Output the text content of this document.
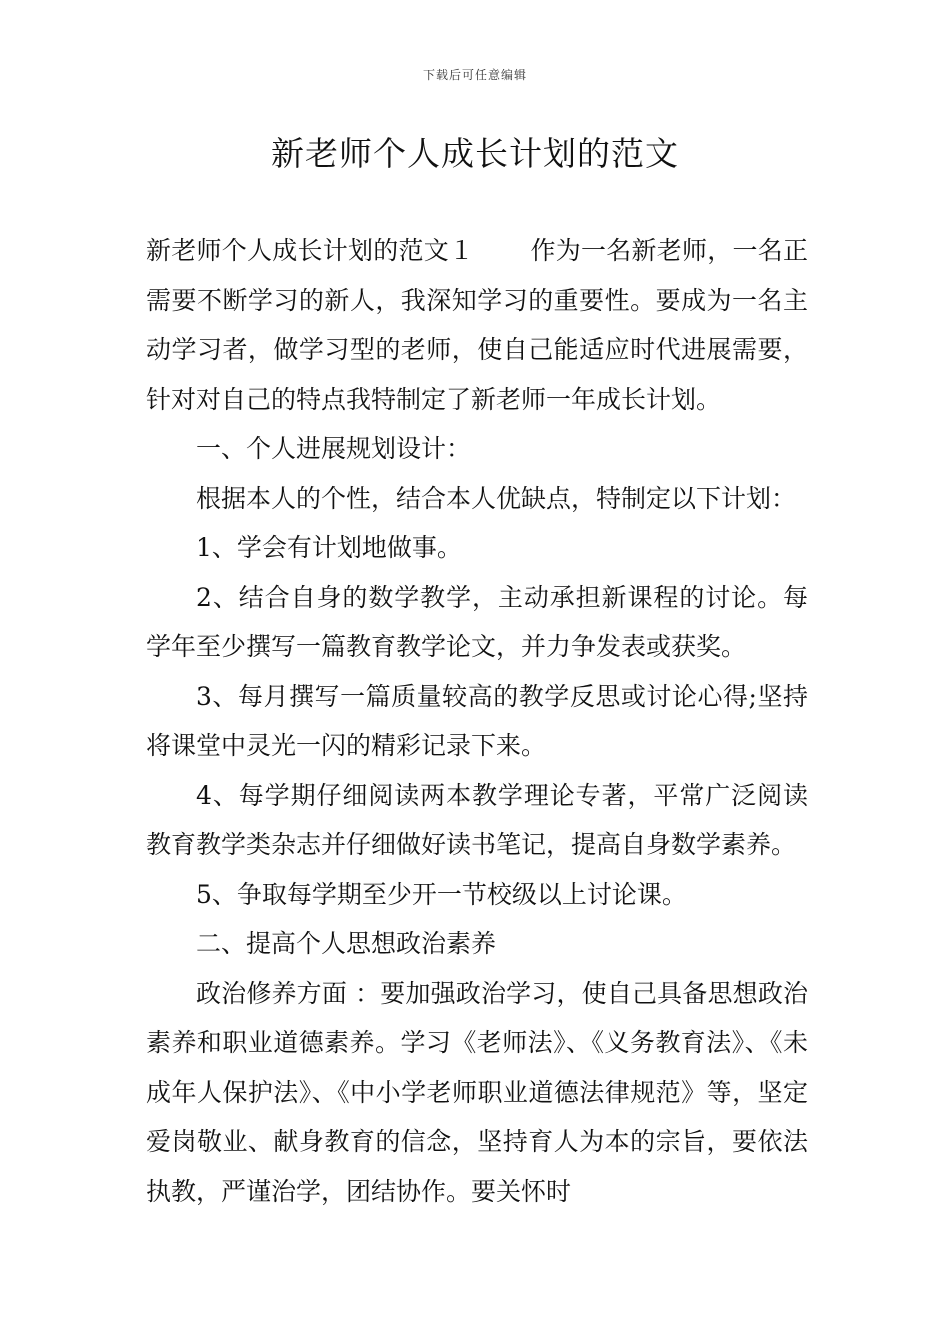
下载后可任意编辑
新老师个人成长计划的范文

新老师个人成长计划的范文１ 作为一名新老师，一名正需要不断学习的新人，我深知学习的重要性。要成为一名主动学习者，做学习型的老师，使自己能适应时代进展需要，针对对自己的特点我特制定了新老师一年成长计划。

一、个人进展规划设计：

根据本人的个性，结合本人优缺点，特制定以下计划：

1、学会有计划地做事。

2、结合自身的数学教学，主动承担新课程的讨论。每学年至少撰写一篇教育教学论文，并力争发表或获奖。

3、每月撰写一篇质量较高的教学反思或讨论心得;坚持将课堂中灵光一闪的精彩记录下来。

4、每学期仔细阅读两本教学理论专著，平常广泛阅读教育教学类杂志并仔细做好读书笔记，提高自身数学素养。

5、争取每学期至少开一节校级以上讨论课。

二、提高个人思想政治素养

政治修养方面 ：要加强政治学习，使自己具备思想政治素养和职业道德素养。学习《老师法》、《义务教育法》、《未成年人保护法》、《中小学老师职业道德法律规范》等，坚定爱岗敬业、献身教育的信念，坚持育人为本的宗旨，要依法执教，严谨治学，团结协作。要关怀时
